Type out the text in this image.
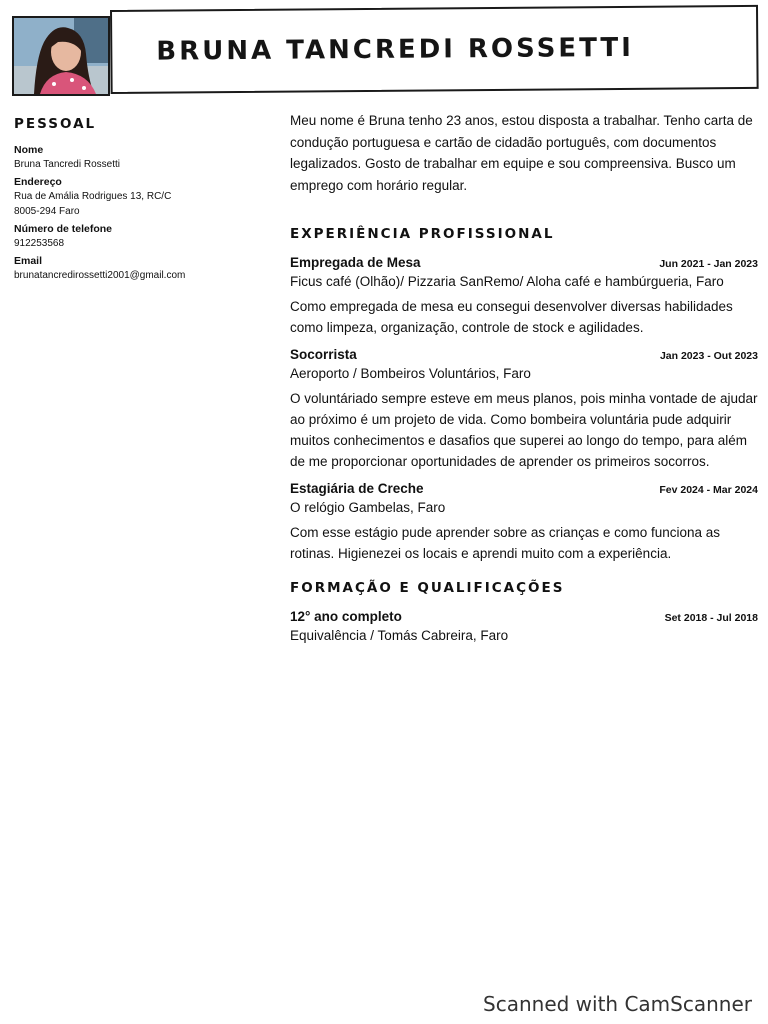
BRUNA TANCREDI ROSSETTI
PESSOAL
Nome
Bruna Tancredi Rossetti
Endereço
Rua de Amália Rodrigues 13, RC/C
8005-294 Faro
Número de telefone
912253568
Email
brunatancredirossetti2001@gmail.com

Meu nome é Bruna tenho 23 anos, estou disposta a trabalhar. Tenho carta de condução portuguesa e cartão de cidadão português, com documentos legalizados. Gosto de trabalhar em equipe e sou compreensiva. Busco um emprego com horário regular.

EXPERIÊNCIA PROFISSIONAL
Empregada de Mesa	Jun 2021 - Jan 2023
Ficus café (Olhão)/ Pizzaria SanRemo/ Aloha café e hambúrgueria, Faro
Como empregada de mesa eu consegui desenvolver diversas habilidades como limpeza, organização, controle de stock e agilidades.
Socorrista	Jan 2023 - Out 2023
Aeroporto / Bombeiros Voluntários, Faro
O voluntáriado sempre esteve em meus planos, pois minha vontade de ajudar ao próximo é um projeto de vida. Como bombeira voluntária pude adquirir muitos conhecimentos e dasafios que superei ao longo do tempo, para além de me proporcionar oportunidades de aprender os primeiros socorros.
Estagiária de Creche	Fev 2024 - Mar 2024
O relógio Gambelas, Faro
Com esse estágio pude aprender sobre as crianças e como funciona as rotinas. Higienezei os locais e aprendi muito com a experiência.
FORMAÇÃO E QUALIFICAÇÕES
12° ano completo	Set 2018 - Jul 2018
Equivalência / Tomás Cabreira, Faro
Scanned with CamScanner
